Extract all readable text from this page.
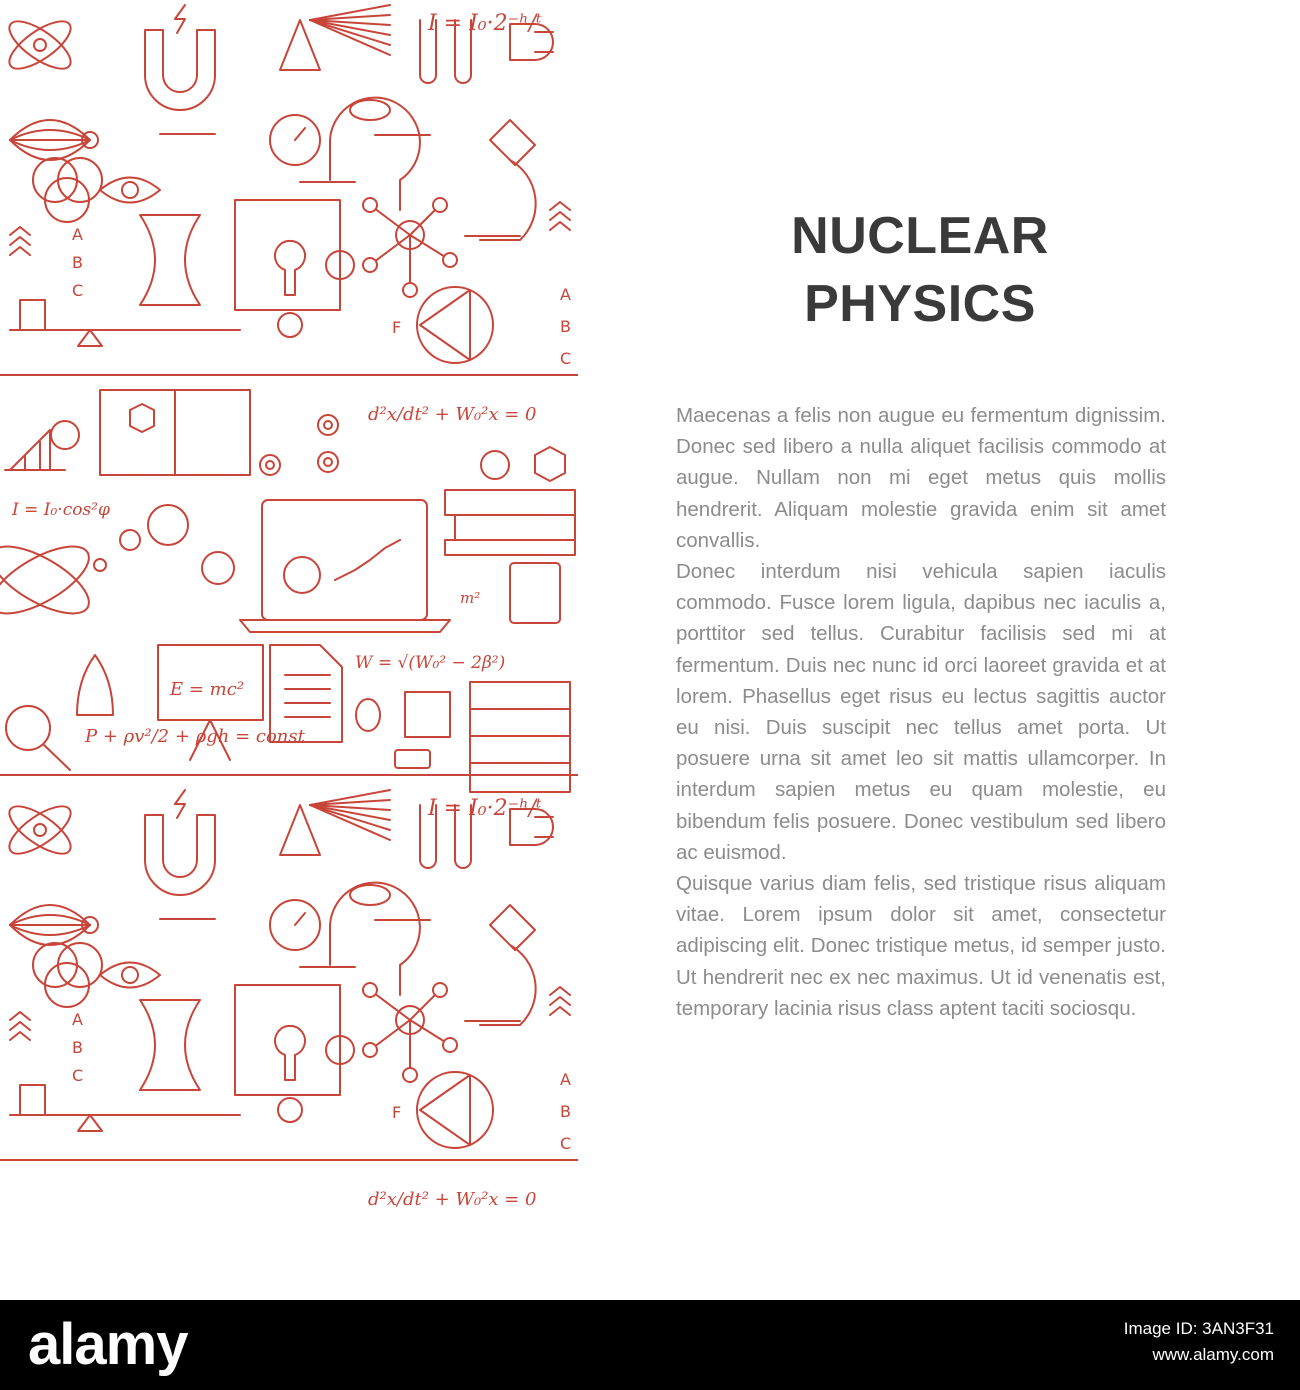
I = I₀·2⁻ʰ/ᵗ
I = I₀·2⁻ʰ/ᵗ
d²x/dt² + W₀²x = 0
d²x/dt² + W₀²x = 0
I = I₀·cos²φ
E = mc²
W = √(W₀² − 2β²)
P + ρv²/2 + ρgh = const
m²
A
B
C	A
B
C
F
A
B
C	A
B
C
F
NUCLEAR
PHYSICS

Maecenas a felis non augue eu fermentum dignissim. Donec sed libero a nulla aliquet facilisis commodo at augue. Nullam non mi eget metus quis mollis hendrerit. Aliquam molestie gravida enim sit amet convallis.

Donec interdum nisi vehicula sapien iaculis commodo. Fusce lorem ligula, dapibus nec iaculis a, porttitor sed tellus. Curabitur facilisis sed mi at fermentum. Duis nec nunc id orci laoreet gravida et at lorem. Phasellus eget risus eu lectus sagittis auctor eu nisi. Duis suscipit nec tellus amet porta. Ut posuere urna sit amet leo sit mattis ullamcorper. In interdum sapien metus eu quam molestie, eu bibendum felis posuere. Donec vestibulum sed libero ac euismod.

Quisque varius diam felis, sed tristique risus aliquam vitae. Lorem ipsum dolor sit amet, consectetur adipiscing elit. Donec tristique metus, id semper justo. Ut hendrerit nec ex nec maximus. Ut id venenatis est, temporary lacinia risus class aptent taciti sociosqu.

alamy	Image ID: 3AN3F31
www.alamy.com
